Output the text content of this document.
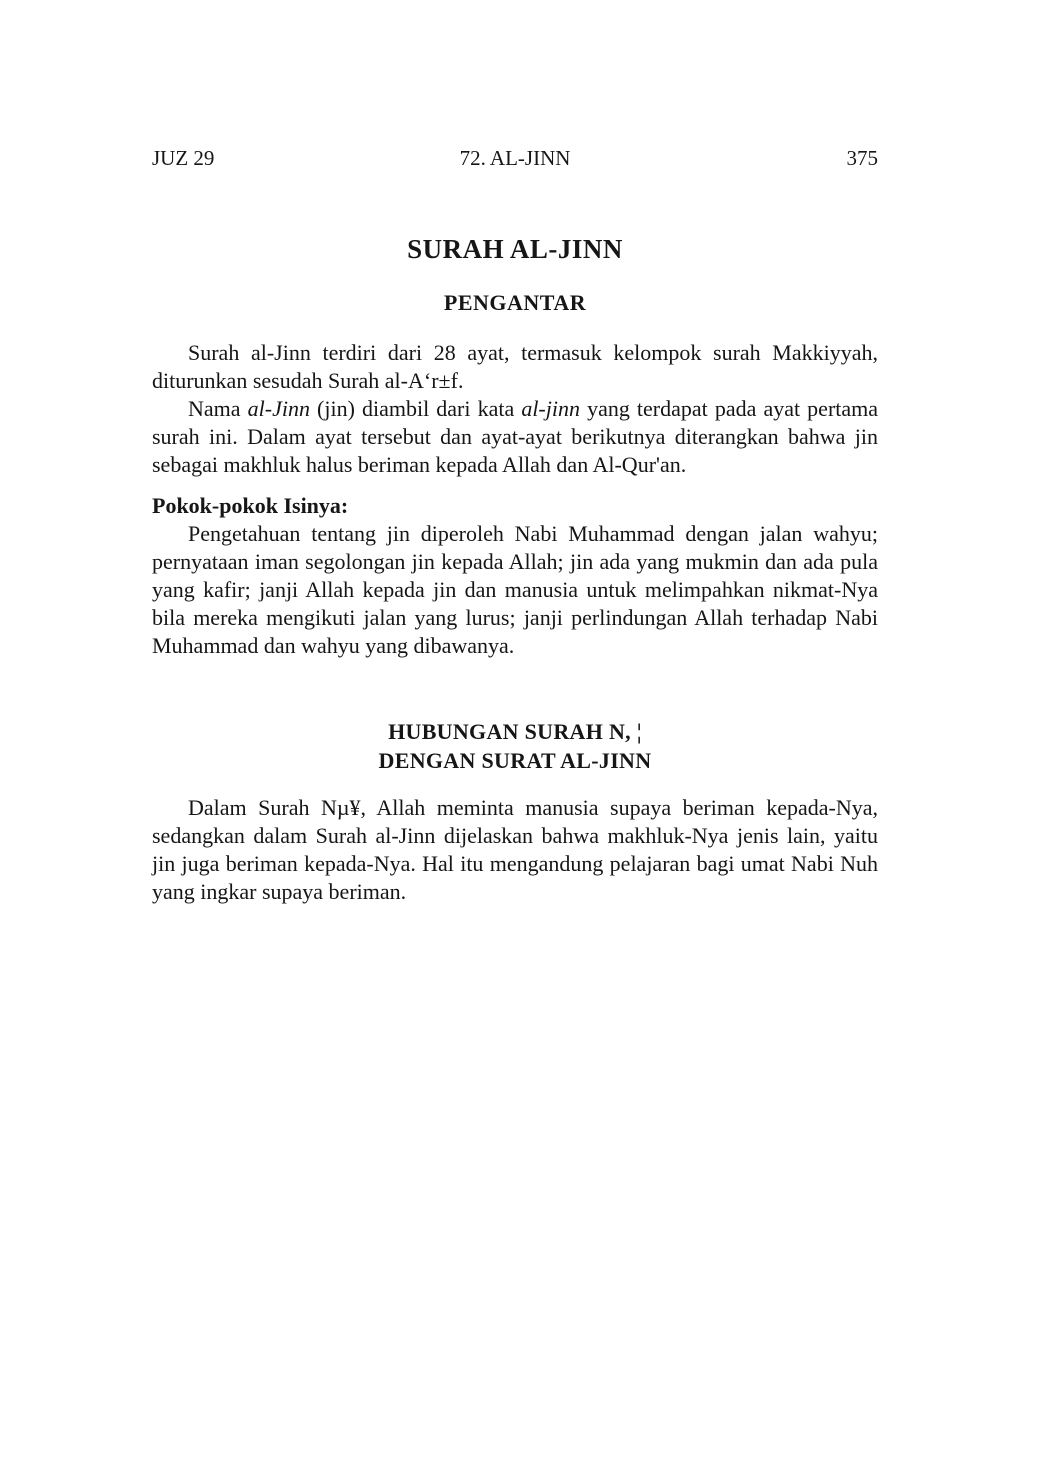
JUZ 29	72. AL-JINN	375
SURAH AL-JINN
PENGANTAR

Surah al-Jinn terdiri dari 28 ayat, termasuk kelompok surah Makkiyyah, diturunkan sesudah Surah al-A‘r±f.

Nama al-Jinn (jin) diambil dari kata al-jinn yang terdapat pada ayat pertama surah ini. Dalam ayat tersebut dan ayat-ayat berikutnya diterangkan bahwa jin sebagai makhluk halus beriman kepada Allah dan Al-Qur'an.

Pokok-pokok Isinya:

Pengetahuan tentang jin diperoleh Nabi Muhammad dengan jalan wahyu; pernyataan iman segolongan jin kepada Allah; jin ada yang mukmin dan ada pula yang kafir; janji Allah kepada jin dan manusia untuk melimpahkan nikmat-Nya bila mereka mengikuti jalan yang lurus; janji perlindungan Allah terhadap Nabi Muhammad dan wahyu yang dibawanya.

HUBUNGAN SURAH N, ¦
DENGAN SURAT AL-JINN

Dalam Surah Nµ¥, Allah meminta manusia supaya beriman kepada-Nya, sedangkan dalam Surah al-Jinn dijelaskan bahwa makhluk-Nya jenis lain, yaitu jin juga beriman kepada-Nya. Hal itu mengandung pelajaran bagi umat Nabi Nuh yang ingkar supaya beriman.
